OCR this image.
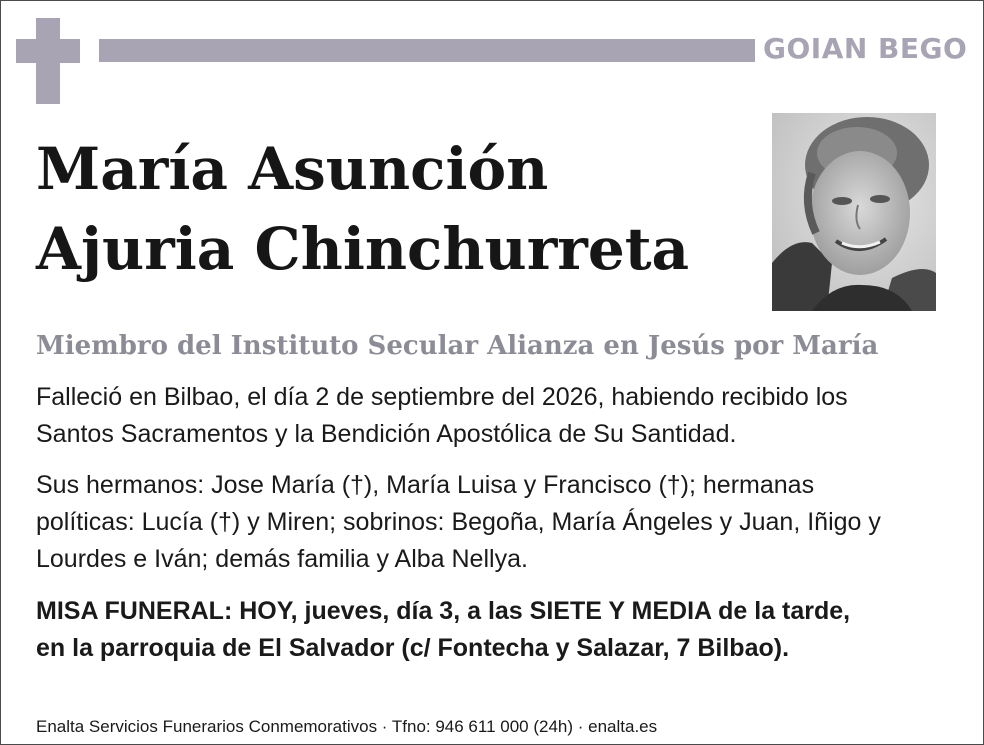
GOIAN BEGO
María Asunción
Ajuria Chinchurreta
Miembro del Instituto Secular Alianza en Jesús por María

Falleció en Bilbao, el día 2 de septiembre del 2026, habiendo recibido los
Santos Sacramentos y la Bendición Apostólica de Su Santidad.

Sus hermanos: Jose María (†), María Luisa y Francisco (†); hermanas
políticas: Lucía (†) y Miren; sobrinos: Begoña, María Ángeles y Juan, Iñigo y
Lourdes e Iván; demás familia y Alba Nellya.

MISA FUNERAL: HOY, jueves, día 3, a las SIETE Y MEDIA de la tarde,
en la parroquia de El Salvador (c/ Fontecha y Salazar, 7 Bilbao).

Enalta Servicios Funerarios Conmemorativos · Tfno: 946 611 000 (24h) · enalta.es
